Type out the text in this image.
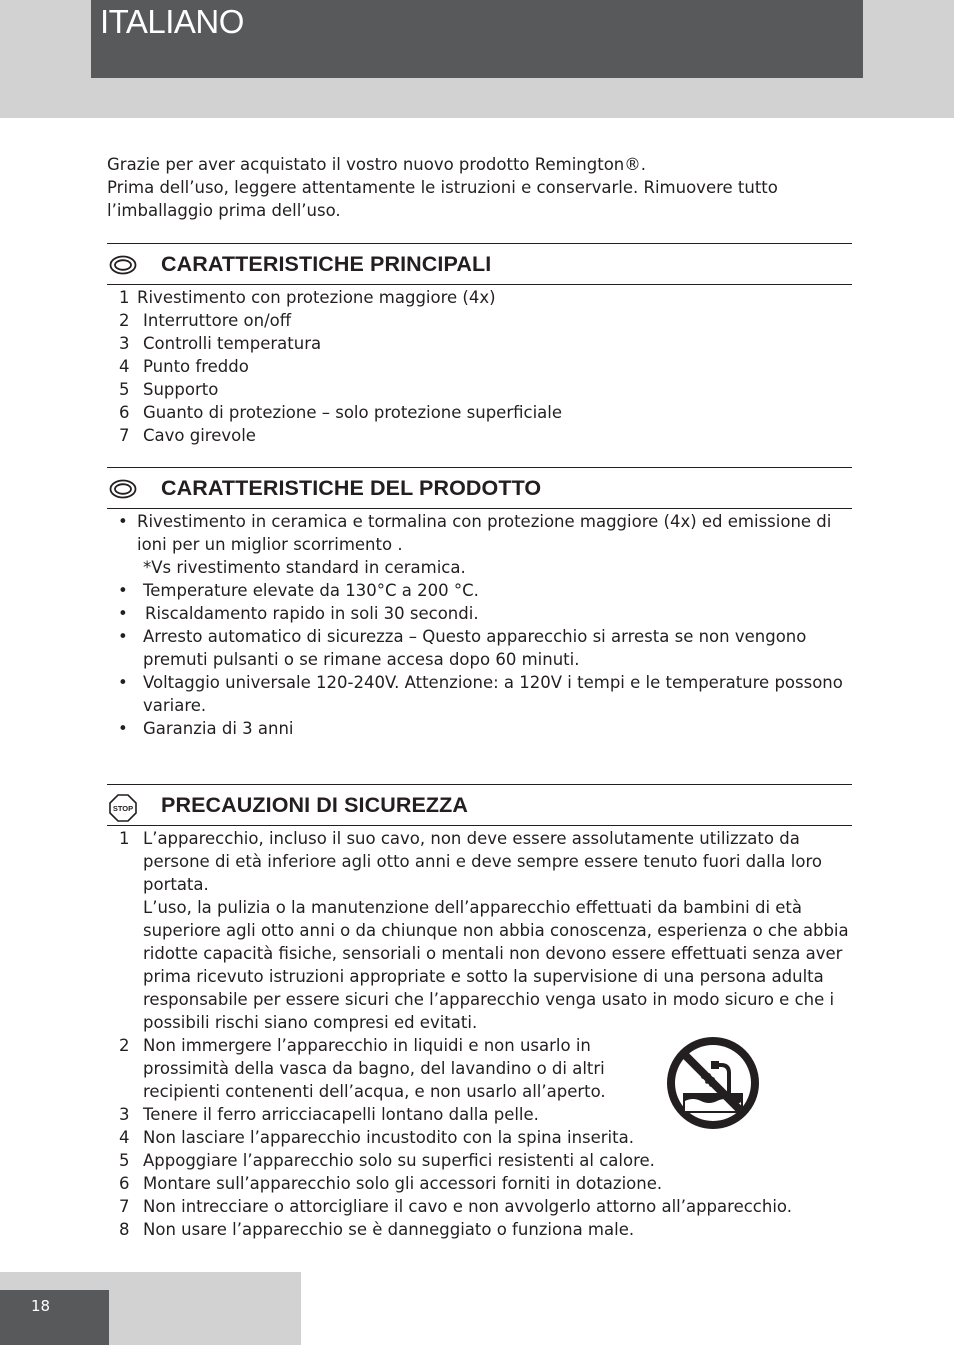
ITALIANO

Grazie per aver acquistato il vostro nuovo prodotto Remington®.

Prima dell’uso, leggere attentamente le istruzioni e conservarle. Rimuovere tutto l’imballaggio prima dell’uso.

CARATTERISTICHE PRINCIPALI
1 Rivestimento con protezione maggiore (4x)
2 Interruttore on/off
3 Controlli temperatura
4 Punto freddo
5 Supporto
6 Guanto di protezione – solo protezione superficiale
7 Cavo girevole
CARATTERISTICHE DEL PRODOTTO
• Rivestimento in ceramica e tormalina con protezione maggiore (4x) ed emissione di ioni per un miglior scorrimento .
*Vs rivestimento standard in ceramica.
• Temperature elevate da 130°C a 200 °C.
• Riscaldamento rapido in soli 30 secondi.
• Arresto automatico di sicurezza – Questo apparecchio si arresta se non vengono premuti pulsanti o se rimane accesa dopo 60 minuti.
• Voltaggio universale 120-240V. Attenzione: a 120V i tempi e le temperature possono variare.
• Garanzia di 3 anni
STOP PRECAUZIONI DI SICUREZZA
1 L’apparecchio, incluso il suo cavo, non deve essere assolutamente utilizzato da persone di età inferiore agli otto anni e deve sempre essere tenuto fuori dalla loro portata.
L’uso, la pulizia o la manutenzione dell’apparecchio effettuati da bambini di età superiore agli otto anni o da chiunque non abbia conoscenza, esperienza o che abbia ridotte capacità fisiche, sensoriali o mentali non devono essere effettuati senza aver prima ricevuto istruzioni appropriate e sotto la supervisione di una persona adulta responsabile per essere sicuri che l’apparecchio venga usato in modo sicuro e che i possibili rischi siano compresi ed evitati.
2 Non immergere l’apparecchio in liquidi e non usarlo in prossimità della vasca da bagno, del lavandino o di altri recipienti contenenti dell’acqua, e non usarlo all’aperto.
3 Tenere il ferro arricciacapelli lontano dalla pelle.
4 Non lasciare l’apparecchio incustodito con la spina inserita.
5 Appoggiare l’apparecchio solo su superfici resistenti al calore.
6 Montare sull’apparecchio solo gli accessori forniti in dotazione.
7 Non intrecciare o attorcigliare il cavo e non avvolgerlo attorno all’apparecchio.
8 Non usare l’apparecchio se è danneggiato o funziona male.
18
